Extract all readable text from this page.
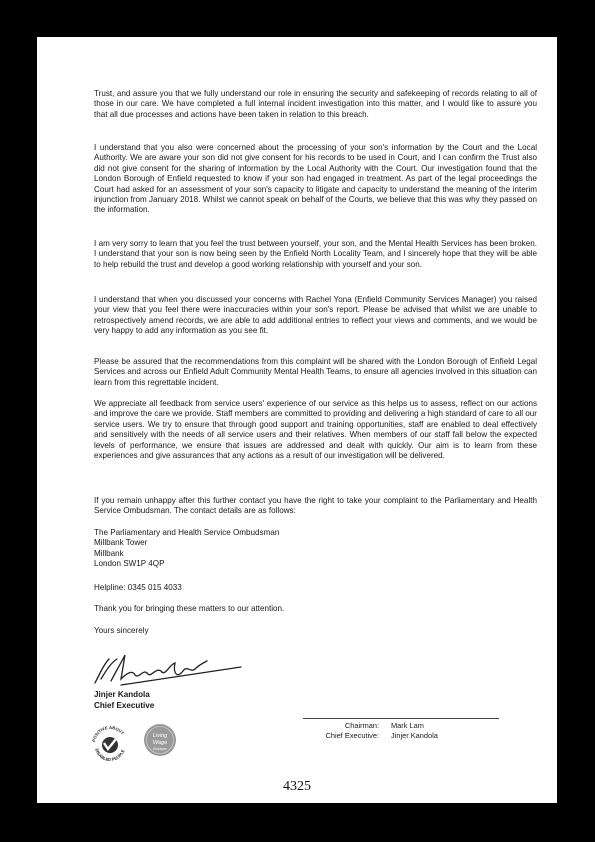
Trust, and assure you that we fully understand our role in ensuring the security and safekeeping of records relating to all of those in our care. We have completed a full internal incident investigation into this matter, and I would like to assure you that all due processes and actions have been taken in relation to this breach.

I understand that you also were concerned about the processing of your son's information by the Court and the Local Authority. We are aware your son did not give consent for his records to be used in Court, and I can confirm the Trust also did not give consent for the sharing of information by the Local Authority with the Court. Our investigation found that the London Borough of Enfield requested to know if your son had engaged in treatment. As part of the legal proceedings the Court had asked for an assessment of your son's capacity to litigate and capacity to understand the meaning of the interim injunction from January 2018. Whilst we cannot speak on behalf of the Courts, we believe that this was why they passed on the information.

I am very sorry to learn that you feel the trust between yourself, your son, and the Mental Health Services has been broken. I understand that your son is now being seen by the Enfield North Locality Team, and I sincerely hope that they will be able to help rebuild the trust and develop a good working relationship with yourself and your son.

I understand that when you discussed your concerns with Rachel Yona (Enfield Community Services Manager) you raised your view that you feel there were inaccuracies within your son's report. Please be advised that whilst we are unable to retrospectively amend records, we are able to add additional entries to reflect your views and comments, and we would be very happy to add any information as you see fit.

Please be assured that the recommendations from this complaint will be shared with the London Borough of Enfield Legal Services and across our Enfield Adult Community Mental Health Teams, to ensure all agencies involved in this situation can learn from this regrettable incident.

We appreciate all feedback from service users' experience of our service as this helps us to assess, reflect on our actions and improve the care we provide. Staff members are committed to providing and delivering a high standard of care to all our service users. We try to ensure that through good support and training opportunities, staff are enabled to deal effectively and sensitively with the needs of all service users and their relatives. When members of our staff fall below the expected levels of performance, we ensure that issues are addressed and dealt with quickly. Our aim is to learn from these experiences and give assurances that any actions as a result of our investigation will be delivered.

If you remain unhappy after this further contact you have the right to take your complaint to the Parliamentary and Health Service Ombudsman. The contact details are as follows:

The Parliamentary and Health Service Ombudsman
Millbank Tower
Millbank
London SW1P 4QP

Helpline: 0345 015 4033

Thank you for bringing these matters to our attention.

Yours sincerely

Jinjer Kandola

Chief Executive

Chairman:	Mark Lam
Chief Executive:	Jinjer Kandola
POSITIVE ABOUT
DISABLED PEOPLE
Living
Wage
Employer
4325
